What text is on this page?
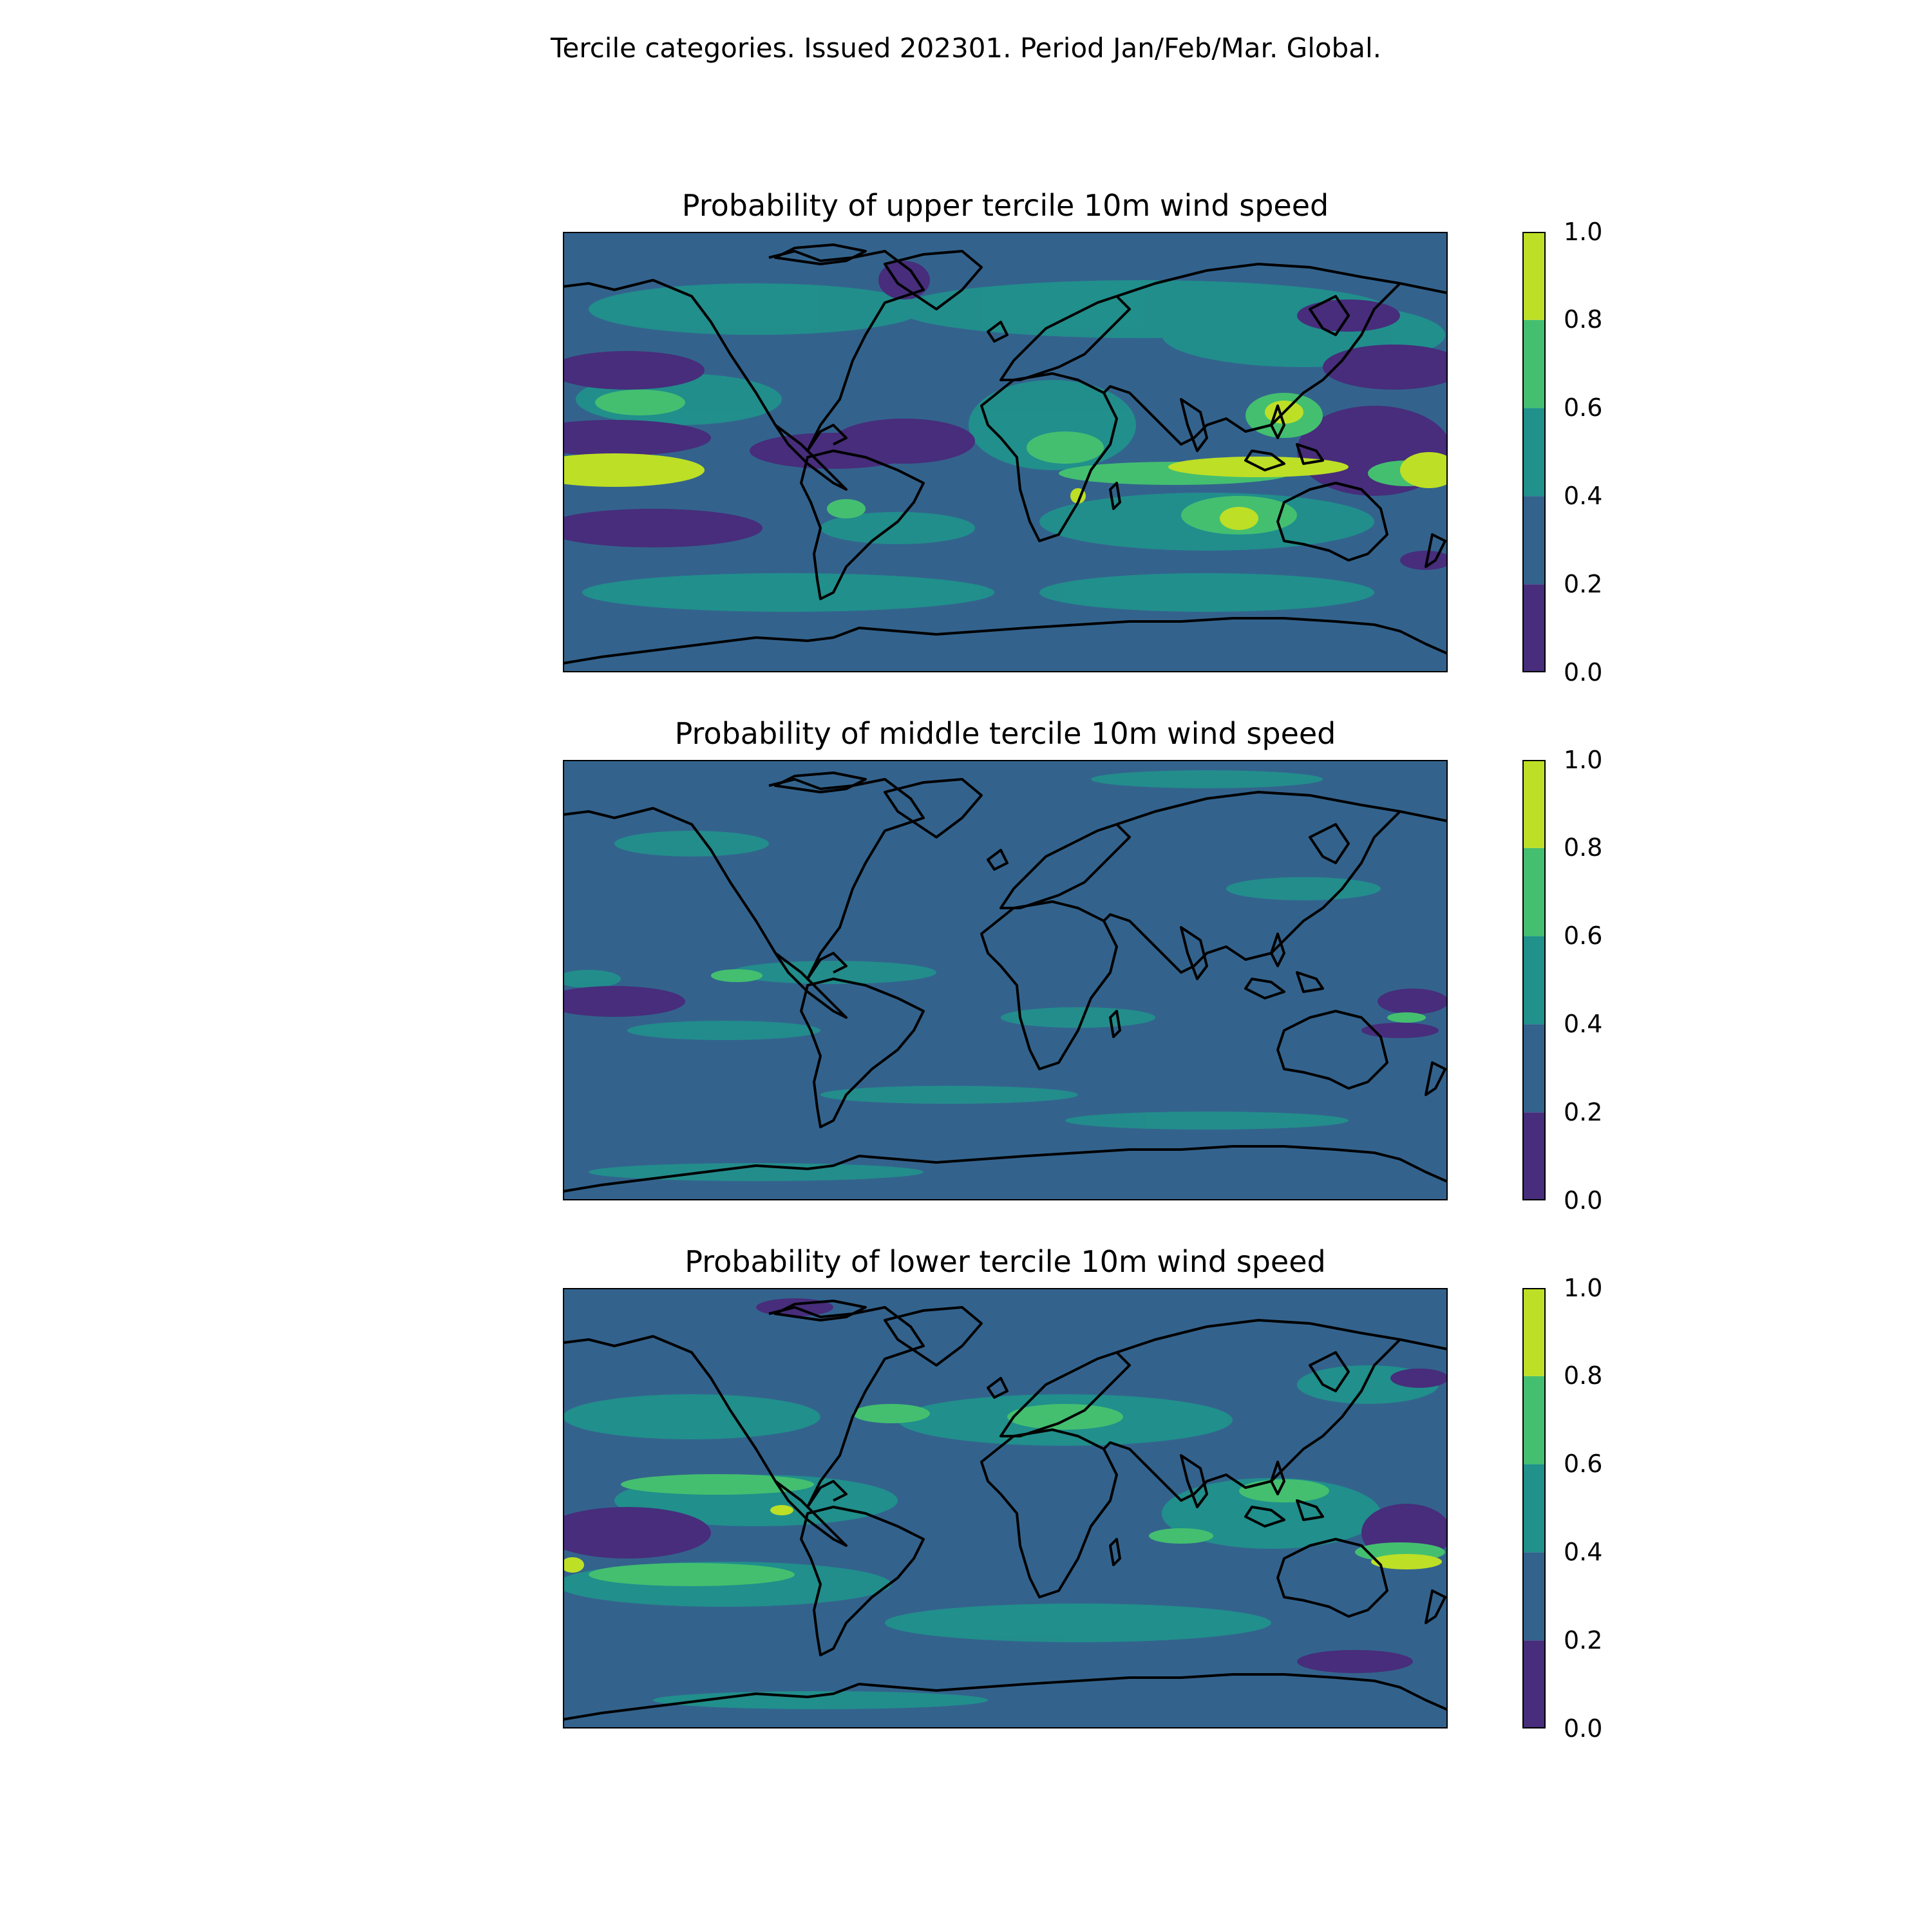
Tercile categories. Issued 202301. Period Jan/Feb/Mar. Global.
Probability of upper tercile 10m wind speed
Probability of middle tercile 10m wind speed
Probability of lower tercile 10m wind speed
0.0
0.2
0.4
0.6
0.8
1.0
0.0
0.2
0.4
0.6
0.8
1.0
0.0
0.2
0.4
0.6
0.8
1.0
